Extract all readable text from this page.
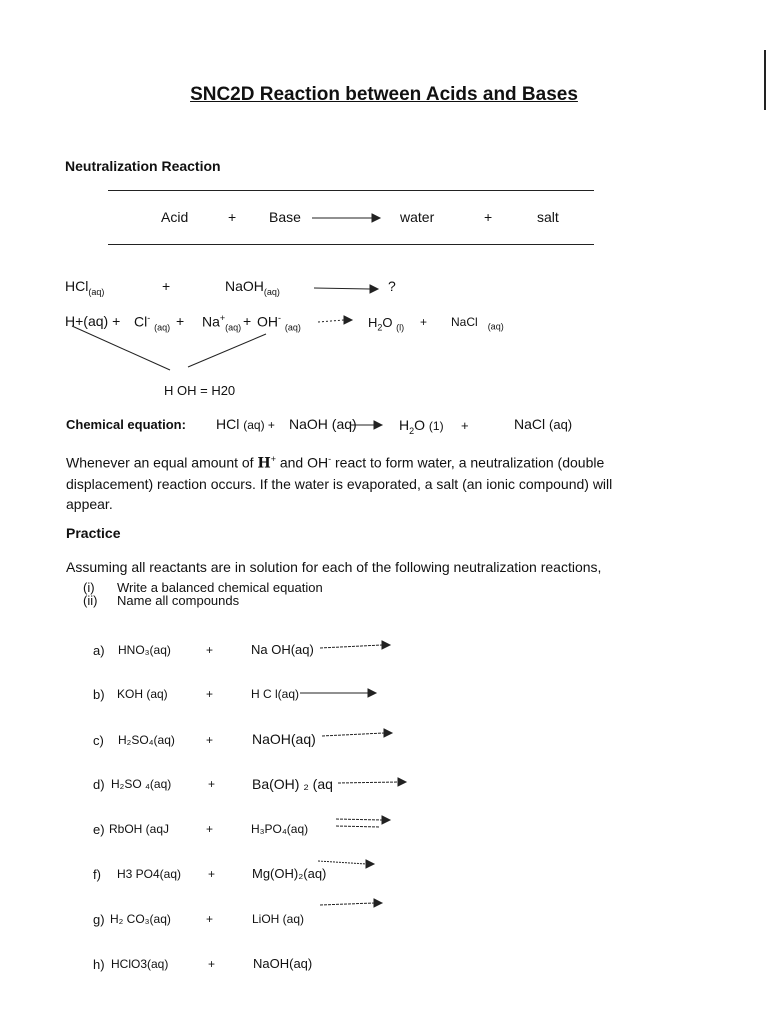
SNC2D Reaction between Acids and Bases
Neutralization Reaction
Acid	+ Base	water	+	salt
HCl$_{(aq)}$	+	NaOH$_{(aq)}$	?
H+(aq) + Cl- $_{(aq)} + Na^+_{(aq)} + OH^-$ $_{(aq)}$	$H_2O$ $_{(l)}$ + NaCl $_{(aq)}$
H OH = H20
Chemical equation: HCl (aq) + NaOH (aq)	$H_2O$ (1) +	NaCl (aq)
Whenever an equal amount of H+ and OH- react to form water, a neutralization (double displacement) reaction occurs. If the water is evaporated, a salt (an ionic compound) will appear.
Practice
Assuming all reactants are in solution for each of the following neutralization reactions,
(i) Write a balanced chemical equation
(ii) Name all compounds
a) HNO₃(aq)	+	Na OH(aq)
b) KOH (aq)	+	H C l(aq)
c) H₂SO₄(aq)	+	NaOH(aq)
d) H₂SO ₄(aq)	+	Ba(OH) ₂ (aq
e) RbOH (aqJ	+	H₃PO₄(aq)
f) H3 PO4(aq) +	Mg(OH)₂(aq)
g) H₂ CO₃(aq)	+	LiOH (aq)
h) HClO3(aq)	+	NaOH(aq)
